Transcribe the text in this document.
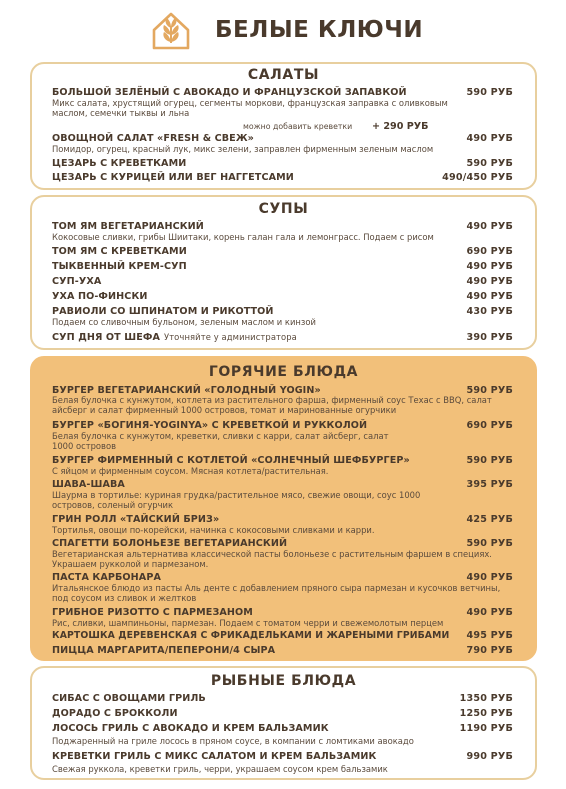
БЕЛЫЕ КЛЮЧИ
САЛАТЫ
БОЛЬШОЙ ЗЕЛЁНЫЙ С АВОКАДО И ФРАНЦУЗСКОЙ ЗАПАВКОЙ	590 РУБ
Микс салата, хрустящий огурец, сегменты моркови, французская заправка с оливковым маслом, семечки тыквы и льна
можно добавить креветки + 290 РУБ
ОВОЩНОЙ САЛАТ «FRESH & СВЕЖ»	490 РУБ
Помидор, огурец, красный лук, микс зелени, заправлен фирменным зеленым маслом
ЦЕЗАРЬ С КРЕВЕТКАМИ	590 РУБ
ЦЕЗАРЬ С КУРИЦЕЙ ИЛИ ВЕГ НАГГЕТСАМИ	490/450 РУБ
СУПЫ
ТОМ ЯМ ВЕГЕТАРИАНСКИЙ	490 РУБ
Кокосовые сливки, грибы Шиитаки, корень галан гала и лемонграсс. Подаем с рисом
ТОМ ЯМ С КРЕВЕТКАМИ	690 РУБ
ТЫКВЕННЫЙ КРЕМ-СУП	490 РУБ
СУП-УХА	490 РУБ
УХА ПО-ФИНСКИ	490 РУБ
РАВИОЛИ СО ШПИНАТОМ И РИКОТТОЙ	430 РУБ
Подаем со сливочным бульоном, зеленым маслом и кинзой
СУП ДНЯ ОТ ШЕФА Уточняйте у администратора	390 РУБ
ГОРЯЧИЕ БЛЮДА
БУРГЕР ВЕГЕТАРИАНСКИЙ «ГОЛОДНЫЙ YOGIN»	590 РУБ
Белая булочка с кунжутом, котлета из растительного фарша, фирменный соус Техас с BBQ, салат айсберг и салат фирменный 1000 островов, томат и маринованные огурчики
БУРГЕР «БОГИНЯ-YOGINYA» С КРЕВЕТКОЙ И РУККОЛОЙ	690 РУБ
Белая булочка с кунжутом, креветки, сливки с карри, салат айсберг, салат 1000 островов
БУРГЕР ФИРМЕННЫЙ С КОТЛЕТОЙ «СОЛНЕЧНЫЙ ШЕФБУРГЕР»	590 РУБ
С яйцом и фирменным соусом. Мясная котлета/растительная.
ШАВА-ШАВА	395 РУБ
Шаурма в тортилье: куриная грудка/растительное мясо, свежие овощи, соус 1000 островов, соленый огурчик
ГРИН РОЛЛ «ТАЙСКИЙ БРИЗ»	425 РУБ
Тортилья, овощи по-корейски, начинка с кокосовыми сливками и карри.
СПАГЕТТИ БОЛОНЬЕЗЕ ВЕГЕТАРИАНСКИЙ	590 РУБ
Вегетарианская альтернатива классической пасты болоньезе с растительным фаршем в специях. Украшаем рукколой и пармезаном.
ПАСТА КАРБОНАРА	490 РУБ
Итальянское блюдо из пасты Аль денте с добавлением пряного сыра пармезан и кусочков ветчины, под соусом из сливок и желтков
ГРИБНОЕ РИЗОТТО С ПАРМЕЗАНОМ	490 РУБ
Рис, сливки, шампиньоны, пармезан. Подаем с томатом черри и свежемолотым перцем
КАРТОШКА ДЕРЕВЕНСКАЯ С ФРИКАДЕЛЬКАМИ И ЖАРЕНЫМИ ГРИБАМИ 495 РУБ
ПИЦЦА МАРГАРИТА/ПЕПЕРОНИ/4 СЫРА	790 РУБ
РЫБНЫЕ БЛЮДА
СИБАС С ОВОЩАМИ ГРИЛЬ	1350 РУБ
ДОРАДО С БРОККОЛИ	1250 РУБ
ЛОСОСЬ ГРИЛЬ С АВОКАДО И КРЕМ БАЛЬЗАМИК	1190 РУБ
Поджаренный на гриле лосось в пряном соусе, в компании с ломтиками авокадо
КРЕВЕТКИ ГРИЛЬ С МИКС САЛАТОМ И КРЕМ БАЛЬЗАМИК	990 РУБ
Свежая руккола, креветки гриль, черри, украшаем соусом крем бальзамик
